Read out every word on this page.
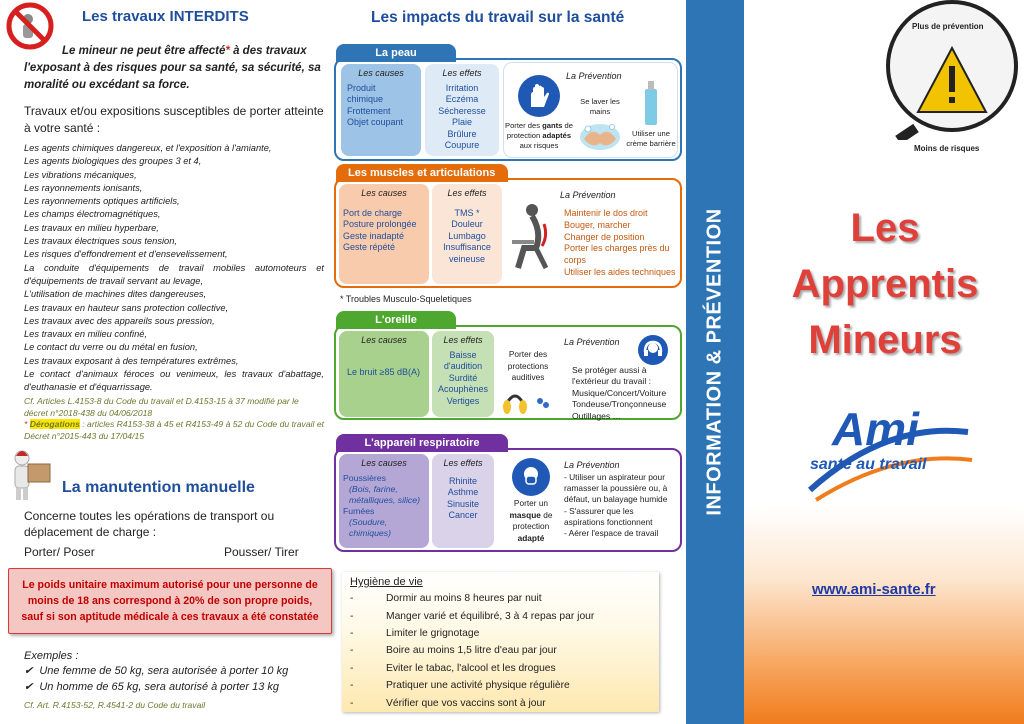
Les travaux INTERDITS
Le mineur ne peut être affecté* à des travaux l'exposant à des risques pour sa santé, sa sécurité, sa moralité ou excédant sa force.
Travaux et/ou expositions susceptibles de porter atteinte à votre santé :
Les agents chimiques dangereux, et l'exposition à l'amiante,
Les agents biologiques des groupes 3 et 4,
Les vibrations mécaniques,
Les rayonnements ionisants,
Les rayonnements optiques artificiels,
Les champs électromagnétiques,
Les travaux en milieu hyperbare,
Les travaux électriques sous tension,
Les risques d'effondrement et d'ensevelissement,
La conduite d'équipements de travail mobiles automoteurs et d'équipements de travail servant au levage,
L'utilisation de machines dites dangereuses,
Les travaux en hauteur sans protection collective,
Les travaux avec des appareils sous pression,
Les travaux en milieu confiné,
Le contact du verre ou du métal en fusion,
Les travaux exposant à des températures extrêmes,
Le contact d'animaux féroces ou venimeux, les travaux d'abattage, d'euthanasie et d'équarrissage.
Cf. Articles L.4153-8 du Code du travail et D.4153-15 à 37 modifié par le décret n°2018-438 du 04/06/2018
* Dérogations : articles R4153-38 à 45 et R4153-49 à 52 du Code du travail et Décret n°2015-443 du 17/04/15
La manutention manuelle
Concerne toutes les opérations de transport ou déplacement de charge :
Porter/ Poser	Pousser/ Tirer
Le poids unitaire maximum autorisé pour une personne de moins de 18 ans correspond à 20% de son propre poids, sauf si son aptitude médicale à ces travaux a été constatée
Exemples :
✔ Une femme de 50 kg, sera autorisée à porter 10 kg
✔ Un homme de 65 kg, sera autorisé à porter 13 kg
Cf. Art. R.4153-52, R.4541-2 du Code du travail
Les impacts du travail sur la santé
La peau
Les causes
Produit
chimique
Frottement
Objet coupant
Les effets
Irritation
Eczéma
Sécheresse
Plaie
Brûlure
Coupure
La Prévention
Porter des gants de protection adaptés aux risques
Se laver les mains
Utiliser une crème barrière
Les muscles et articulations
Les causes
Port de charge
Posture prolongée
Geste inadapté
Geste répété
Les effets
TMS *
Douleur
Lumbago
Insuffisance
veineuse
La Prévention
Maintenir le dos droit
Bouger, marcher
Changer de position
Porter les charges près du corps
Utiliser les aides techniques
* Troubles Musculo-Squeletiques
L'oreille
Les causes
Le bruit ≥85 dB(A)
Les effets
Baisse
d'audition
Surdité
Acouphènes
Vertiges
La Prévention
Porter des protections auditives
Se protéger aussi à l'extérieur du travail :
Musique/Concert/Voiture
Tondeuse/Tronçonneuse
Outillages …
L'appareil respiratoire
Les causes
Poussières
(Bois, farine, métalliques, silice)
Fumées
(Soudure, chimiques)
Les effets
Rhinite
Asthme
Sinusite
Cancer
La Prévention
Porter un masque de protection adapté
- Utiliser un aspirateur pour ramasser la poussière ou, à défaut, un balayage humide
- S'assurer que les aspirations fonctionnent
- Aérer l'espace de travail
Hygiène de vie
-	Dormir au moins 8 heures par nuit
-	Manger varié et équilibré, 3 à 4 repas par jour
-	Limiter le grignotage
-	Boire au moins 1,5 litre d'eau par jour
-	Eviter le tabac, l'alcool et les drogues
-	Pratiquer une activité physique régulière
-	Vérifier que vos vaccins sont à jour
INFORMATION & PRÉVENTION
Plus de prévention
Moins de risques
Les
Apprentis
Mineurs
Ami
santé au travail
www.ami-sante.fr
